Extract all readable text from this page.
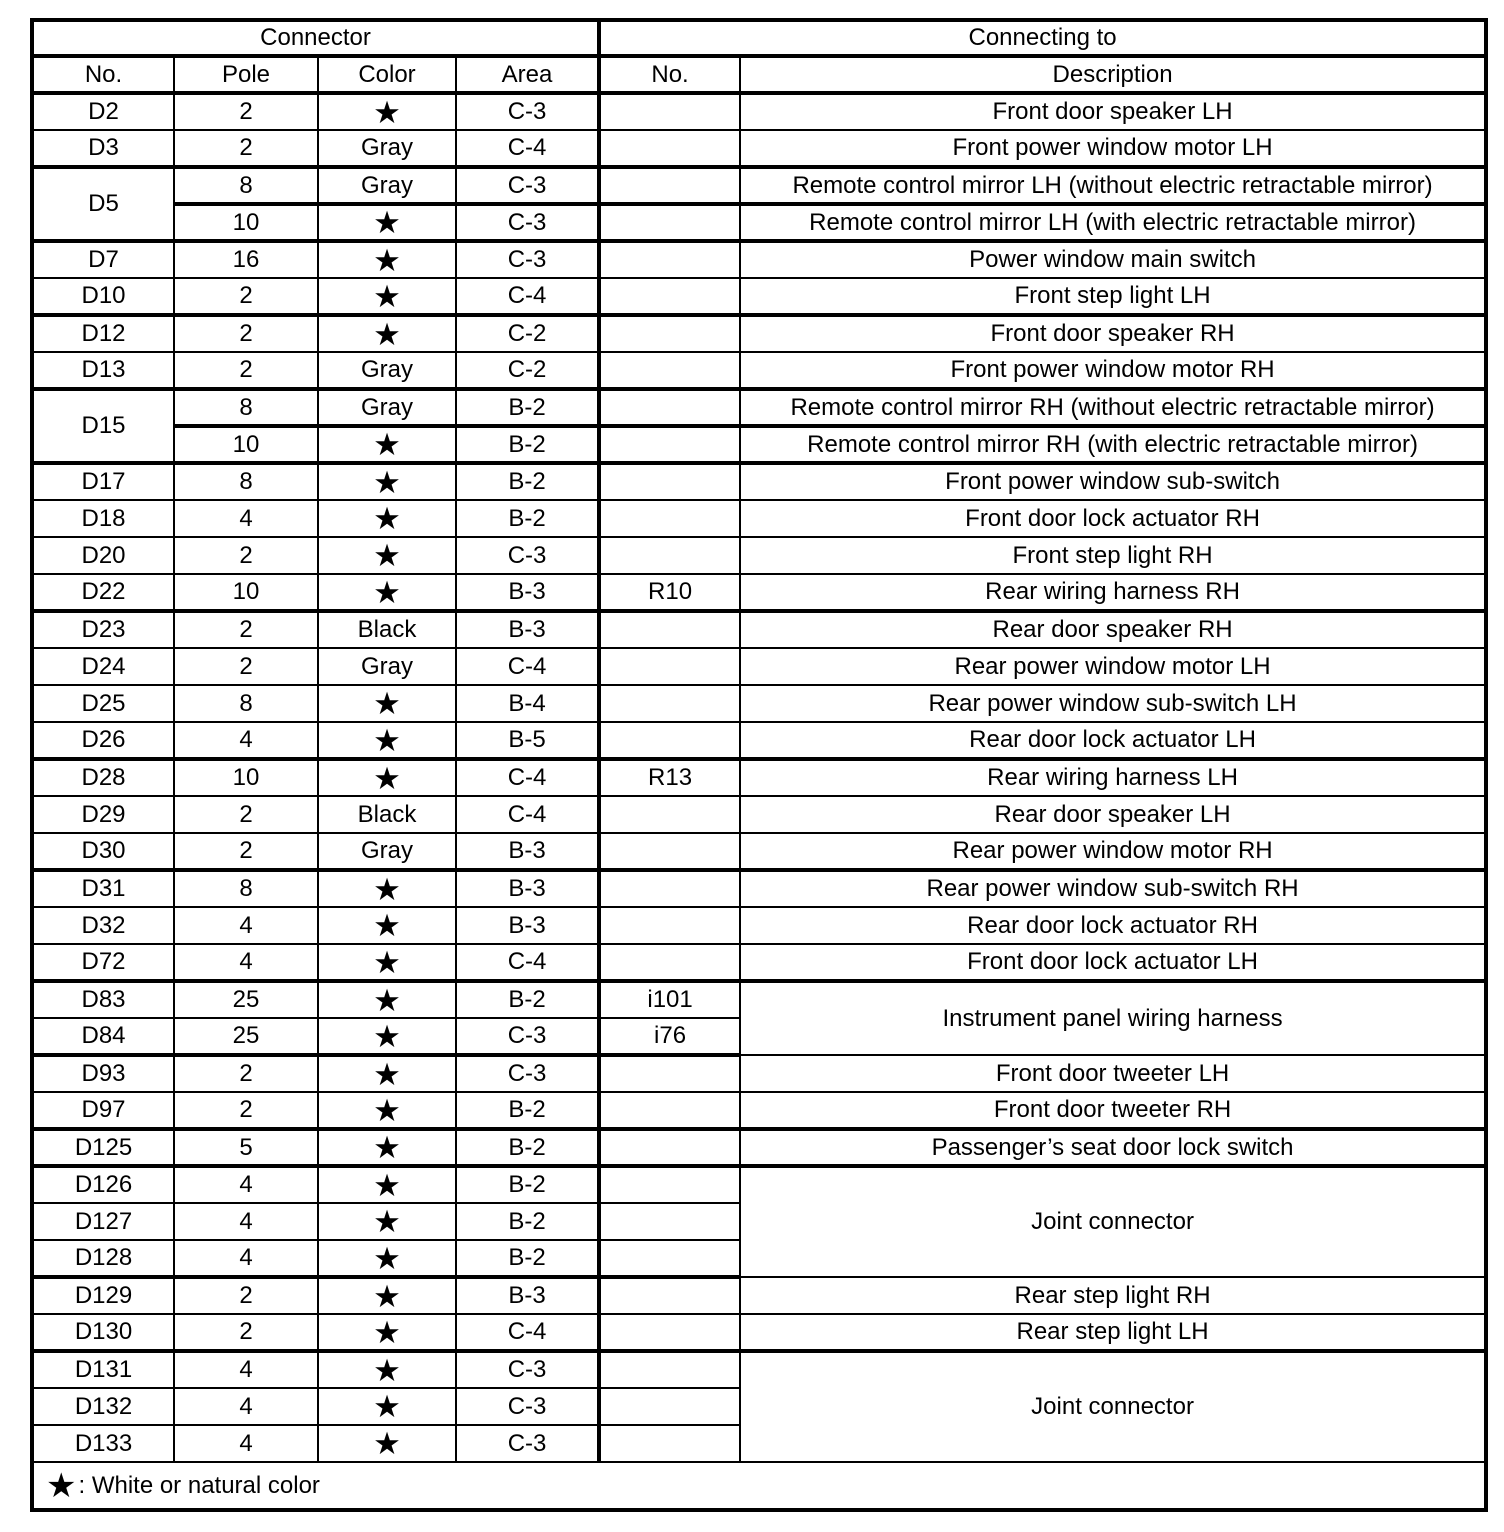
Connector				Connecting to	
No.	Pole	Color	Area	No.	Description
D2	2	★	C-3		Front door speaker LH
D3	2	Gray	C-4		Front power window motor LH
D5	8	Gray	C-3		Remote control mirror LH (without electric retractable mirror)
	10	★	C-3		Remote control mirror LH (with electric retractable mirror)
D7	16	★	C-3		Power window main switch
D10	2	★	C-4		Front step light LH
D12	2	★	C-2		Front door speaker RH
D13	2	Gray	C-2		Front power window motor RH
D15	8	Gray	B-2		Remote control mirror RH (without electric retractable mirror)
	10	★	B-2		Remote control mirror RH (with electric retractable mirror)
D17	8	★	B-2		Front power window sub-switch
D18	4	★	B-2		Front door lock actuator RH
D20	2	★	C-3		Front step light RH
D22	10	★	B-3	R10	Rear wiring harness RH
D23	2	Black	B-3		Rear door speaker RH
D24	2	Gray	C-4		Rear power window motor LH
D25	8	★	B-4		Rear power window sub-switch LH
D26	4	★	B-5		Rear door lock actuator LH
D28	10	★	C-4	R13	Rear wiring harness LH
D29	2	Black	C-4		Rear door speaker LH
D30	2	Gray	B-3		Rear power window motor RH
D31	8	★	B-3		Rear power window sub-switch RH
D32	4	★	B-3		Rear door lock actuator RH
D72	4	★	C-4		Front door lock actuator LH
D83	25	★	B-2	i101	Instrument panel wiring harness
D84	25	★	C-3	i76	
D93	2	★	C-3		Front door tweeter LH
D97	2	★	B-2		Front door tweeter RH
D125	5	★	B-2		Passenger’s seat door lock switch
D126	4	★	B-2		Joint connector
D127	4	★	B-2		
D128	4	★	B-2		
D129	2	★	B-3		Rear step light RH
D130	2	★	C-4		Rear step light LH
D131	4	★	C-3		Joint connector
D132	4	★	C-3		
D133	4	★	C-3		
★: White or natural color					
